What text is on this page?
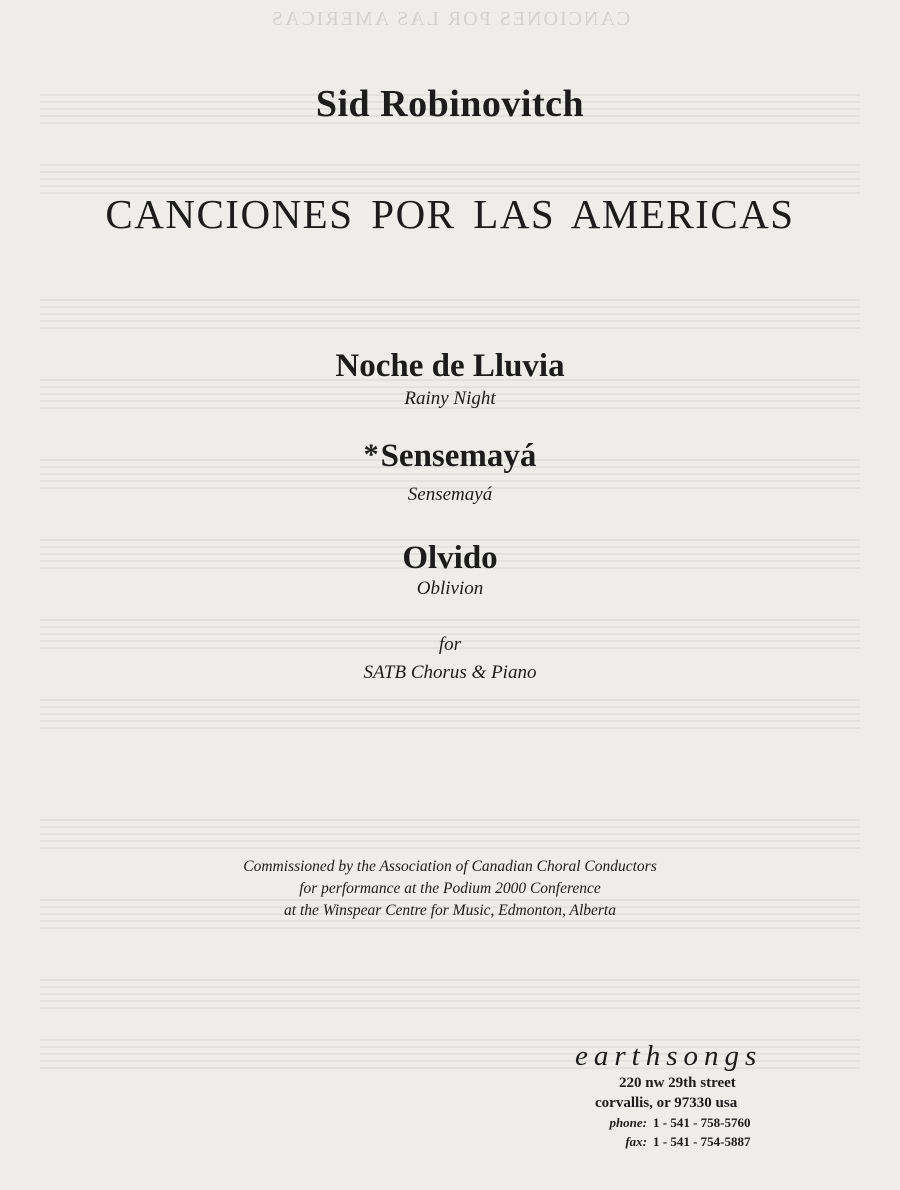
CANCIONES POR LAS AMERICAS
Sid Robinovitch
CANCIONES POR LAS AMERICAS
Noche de Lluvia
Rainy Night
*Sensemayá
Sensemayá
Olvido
Oblivion
for
SATB Chorus & Piano
Commissioned by the Association of Canadian Choral Conductors
for performance at the Podium 2000 Conference
at the Winspear Centre for Music, Edmonton, Alberta
earthsongs
220 nw 29th street
corvallis, or 97330 usa
phone: 1 - 541 - 758-5760
fax: 1 - 541 - 754-5887
